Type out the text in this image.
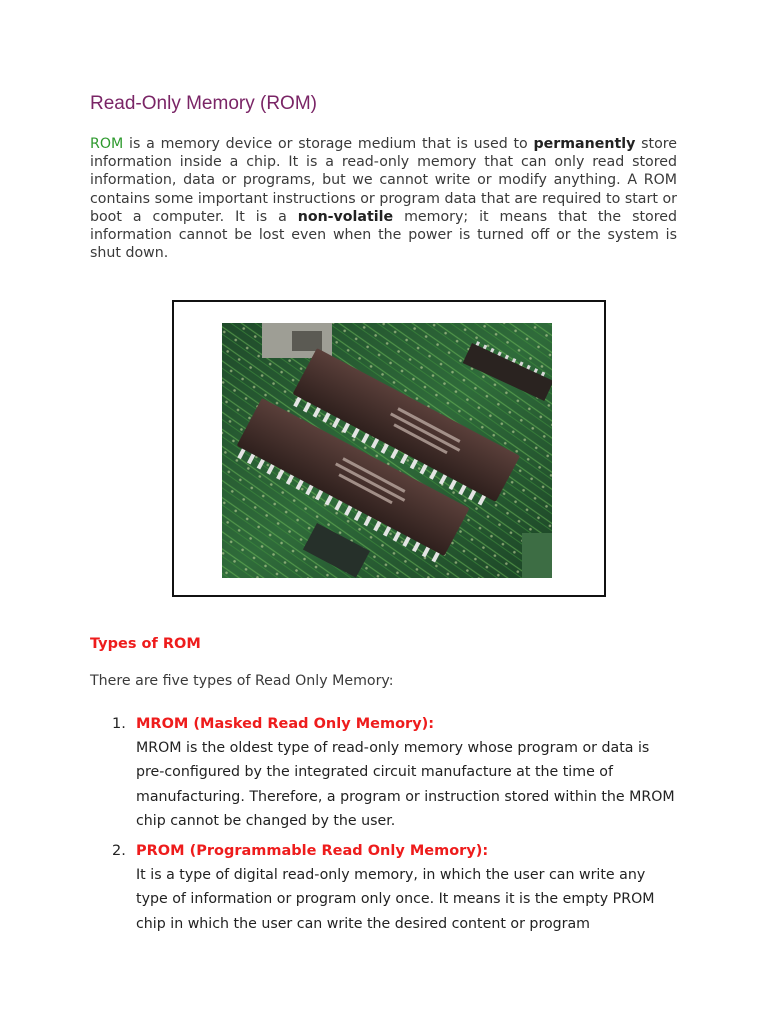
Read-Only Memory (ROM)

ROM is a memory device or storage medium that is used to permanently store information inside a chip. It is a read-only memory that can only read stored information, data or programs, but we cannot write or modify anything. A ROM contains some important instructions or program data that are required to start or boot a computer. It is a non-volatile memory; it means that the stored information cannot be lost even when the power is turned off or the system is shut down.

Types of ROM

There are five types of Read Only Memory:

1. MROM (Masked Read Only Memory):
MROM is the oldest type of read-only memory whose program or data is pre-configured by the integrated circuit manufacture at the time of manufacturing. Therefore, a program or instruction stored within the MROM chip cannot be changed by the user.
2. PROM (Programmable Read Only Memory):
It is a type of digital read-only memory, in which the user can write any type of information or program only once. It means it is the empty PROM chip in which the user can write the desired content or program
